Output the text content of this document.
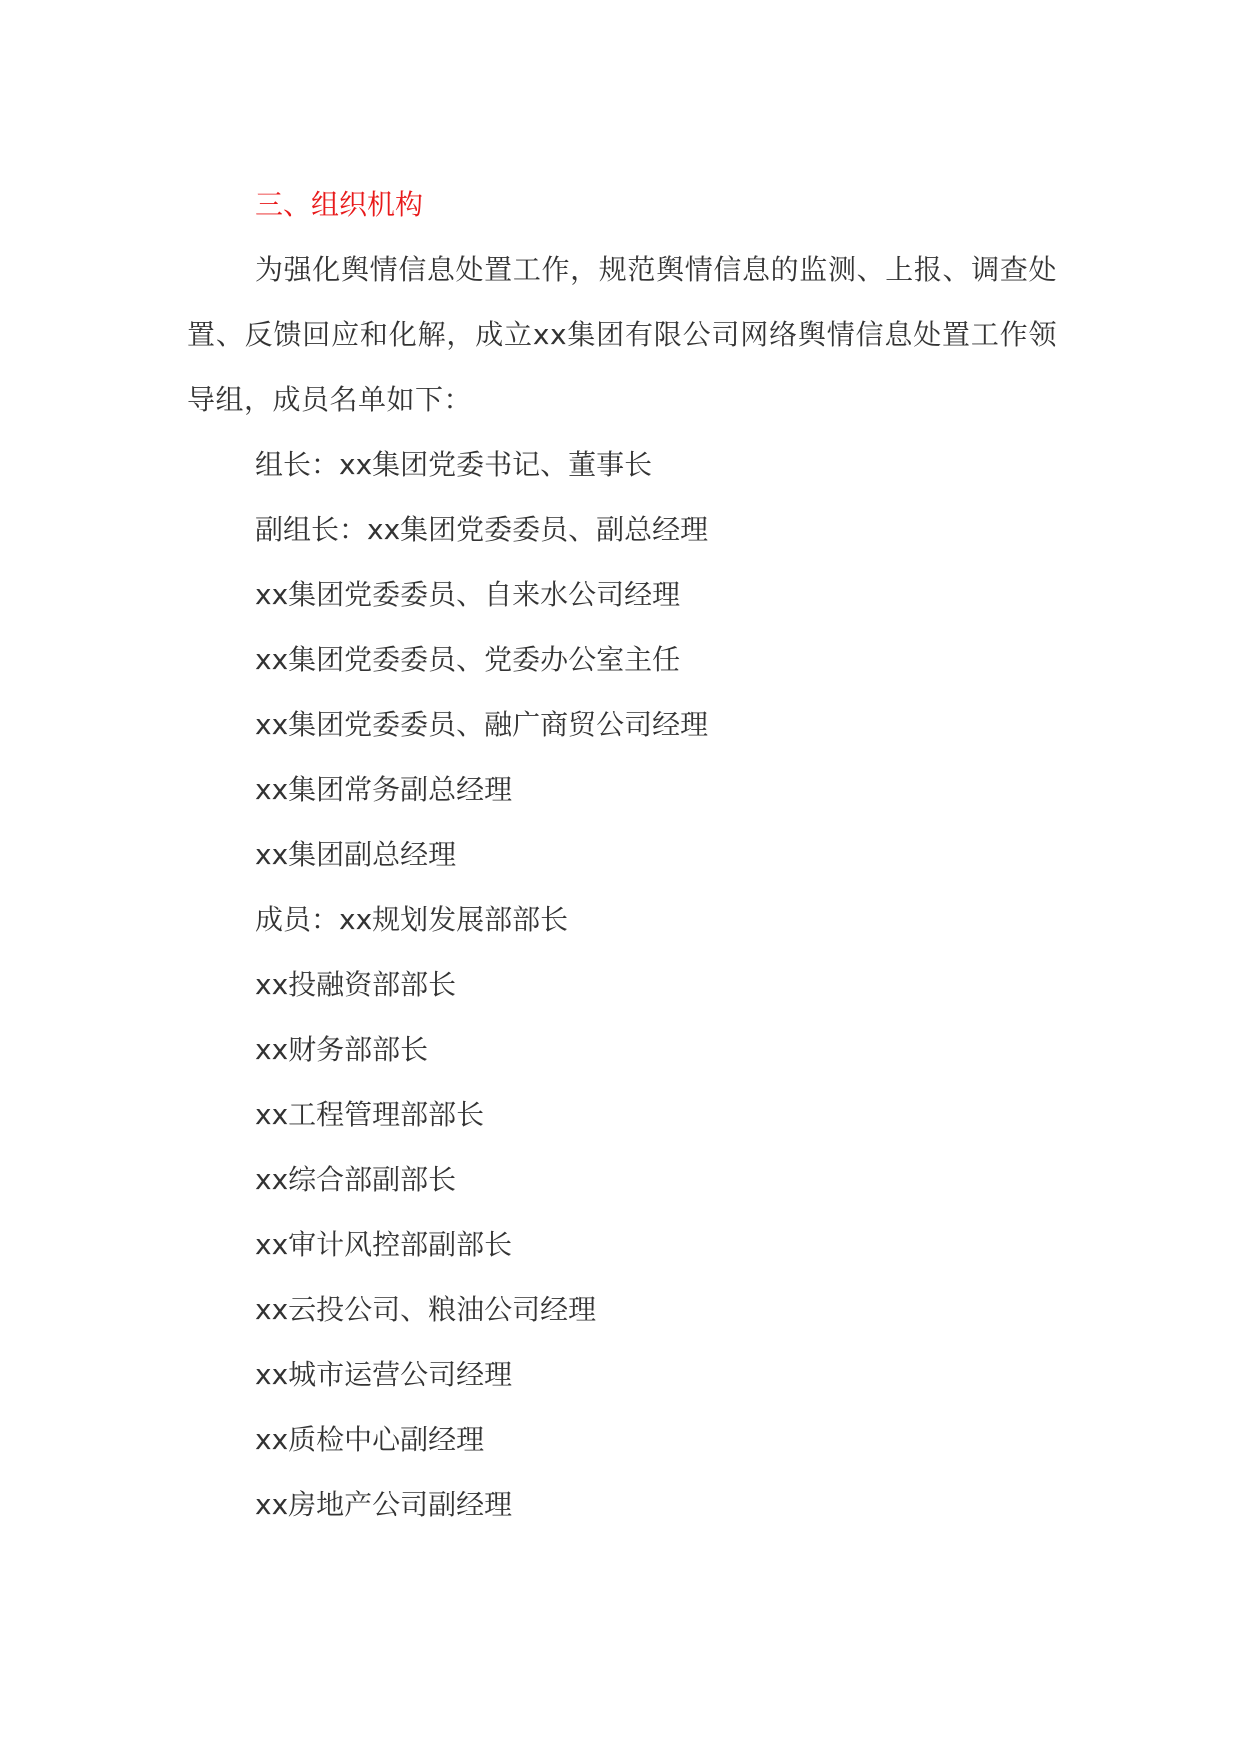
三、组织机构
为强化舆情信息处置工作，规范舆情信息的监测、上报、调查处置、反馈回应和化解，成立xx集团有限公司网络舆情信息处置工作领导组，成员名单如下：
组长：xx集团党委书记、董事长
副组长：xx集团党委委员、副总经理
xx集团党委委员、自来水公司经理
xx集团党委委员、党委办公室主任
xx集团党委委员、融广商贸公司经理
xx集团常务副总经理
xx集团副总经理
成员：xx规划发展部部长
xx投融资部部长
xx财务部部长
xx工程管理部部长
xx综合部副部长
xx审计风控部副部长
xx云投公司、粮油公司经理
xx城市运营公司经理
xx质检中心副经理
xx房地产公司副经理
